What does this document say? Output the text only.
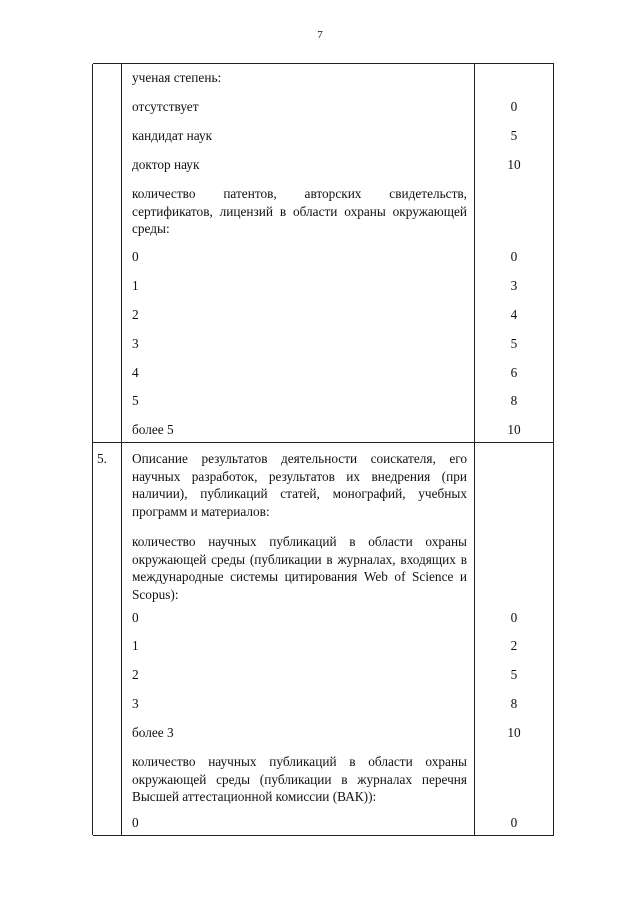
7
ученая степень:
отсутствует	0
кандидат наук	5
доктор наук	10
количество патентов, авторских свидетельств, сертификатов, лицензий в области охраны окружающей среды:
0	0
1	3
2	4
3	5
4	6
5	8
более 5	10
5.	Описание результатов деятельности соискателя, его научных разработок, результатов их внедрения (при наличии), публикаций статей, монографий, учебных программ и материалов:
количество научных публикаций в области охраны окружающей среды (публикации в журналах, входящих в международные системы цитирования Web of Science и Scopus):
0	0
1	2
2	5
3	8
более 3	10
количество научных публикаций в области охраны окружающей среды (публикации в журналах перечня Высшей аттестационной комиссии (ВАК)):
0	0
